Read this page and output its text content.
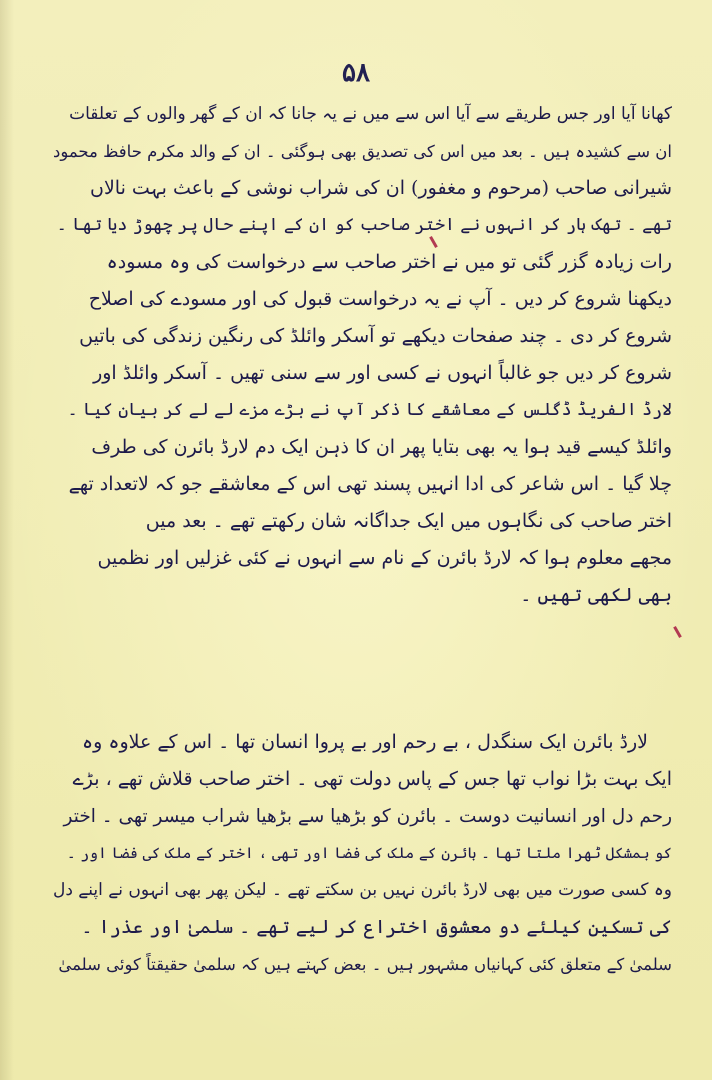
۵۸
کھانا آیا اور جس طریقے سے آیا اس سے میں نے یہ جانا کہ ان کے گھر والوں کے تعلقات
ان سے کشیدہ ہیں ۔ بعد میں اس کی تصدیق بھی ہوگئی ۔ ان کے والد مکرم حافظ محمود
شیرانی صاحب (مرحوم و مغفور) ان کی شراب نوشی کے باعث بہت نالاں
تھے ۔ تھک ہار کر انہوں نے اختر صاحب کو ان کے اپنے حال پر چھوڑ دیا تھا ۔
رات زیادہ گزر گئی تو میں نے اختر صاحب سے درخواست کی وہ مسودہ
دیکھنا شروع کر دیں ۔ آپ نے یہ درخواست قبول کی اور مسودے کی اصلاح
شروع کر دی ۔ چند صفحات دیکھے تو آسکر وائلڈ کی رنگین زندگی کی باتیں
شروع کر دیں جو غالباً انہوں نے کسی اور سے سنی تھیں ۔ آسکر وائلڈ اور
لارڈ الفریڈ ڈگلس کے معاشقے کا ذکر آپ نے بڑے مزے لے لے کر بیان کیا ۔
وائلڈ کیسے قید ہوا یہ بھی بتایا پھر ان کا ذہن ایک دم لارڈ بائرن کی طرف
چلا گیا ۔ اس شاعر کی ادا انہیں پسند تھی اس کے معاشقے جو کہ لاتعداد تھے
اختر صاحب کی نگاہوں میں ایک جداگانہ شان رکھتے تھے ۔ بعد میں
مجھے معلوم ہوا کہ لارڈ بائرن کے نام سے انہوں نے کئی غزلیں اور نظمیں
بھی لکھی تھیں ۔
لارڈ بائرن ایک سنگدل ، بے رحم اور بے پروا انسان تھا ۔ اس کے علاوہ وہ
ایک بہت بڑا نواب تھا جس کے پاس دولت تھی ۔ اختر صاحب قلاش تھے ، بڑے
رحم دل اور انسانیت دوست ۔ بائرن کو بڑھیا سے بڑھیا شراب میسر تھی ۔ اختر
کو بمشکل ٹھرا ملتا تھا ۔ بائرن کے ملک کی فضا اور تھی ، اختر کے ملک کی فضا اور ۔
وہ کسی صورت میں بھی لارڈ بائرن نہیں بن سکتے تھے ۔ لیکن پھر بھی انہوں نے اپنے دل
کی تسکین کیلئے دو معشوق اختراع کر لیے تھے ۔ سلمیٰ اور عذرا ۔
سلمیٰ کے متعلق کئی کہانیاں مشہور ہیں ۔ بعض کہتے ہیں کہ سلمیٰ حقیقتاً کوئی سلمیٰ
